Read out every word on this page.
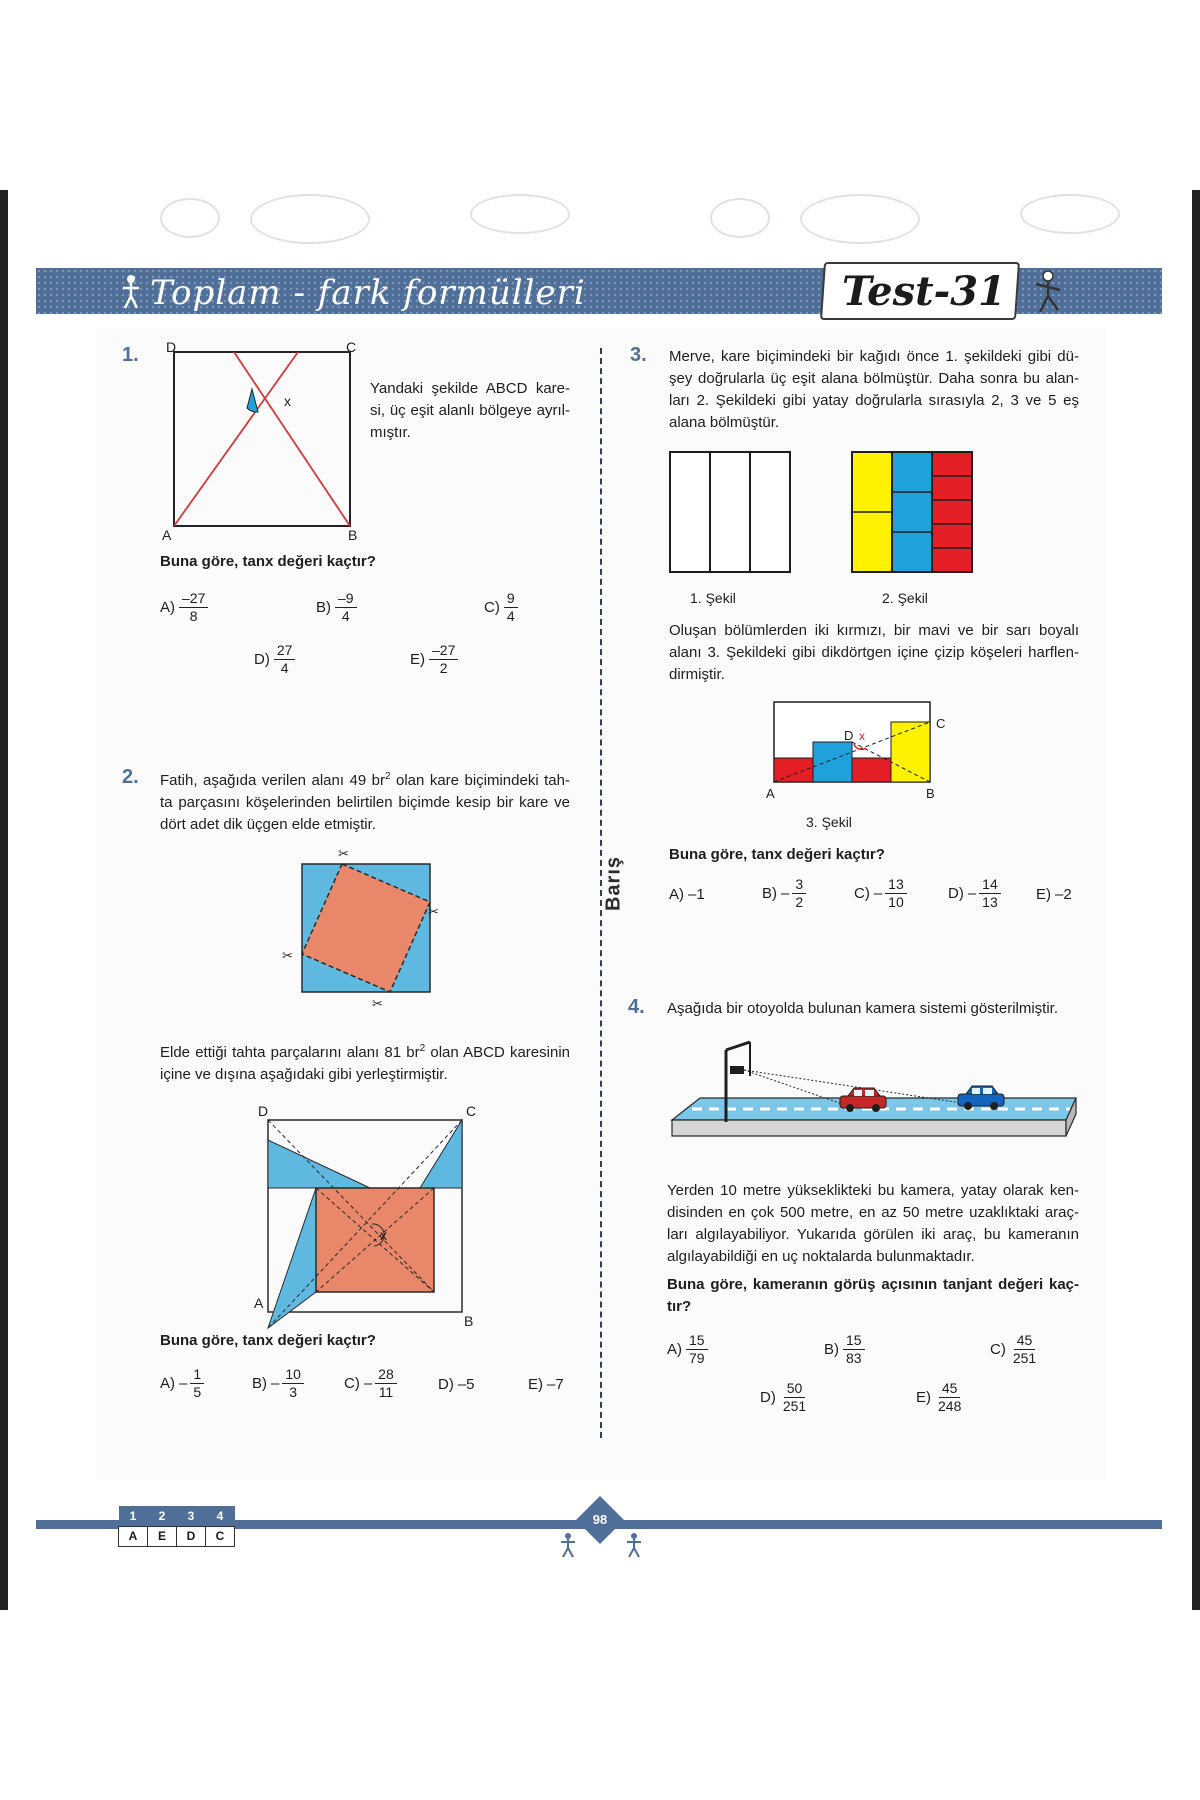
Toplam - fark formülleri	Test-31
Barış
1. D	C
A	B
x
Yandaki şekilde ABCD kare-si, üç eşit alanlı bölgeye ayrıl-mıştır.
Buna göre, tanx değeri kaçtır?
$A) \frac{-27}{8}$	$B) \frac{-9}{4}$	$C) \frac{9}{4}$
$D) \frac{27}{4}$	$E) \frac{-27}{2}$
2. Fatih, aşağıda verilen alanı 49 $br^2$ olan kare biçimindeki tah-ta parçasını köşelerinden belirtilen biçimde kesip bir kare ve dört adet dik üçgen elde etmiştir.
✂
✂
✂
✂
Elde ettiği tahta parçalarını alanı 81 $br^2$ olan ABCD karesinin içine ve dışına aşağıdaki gibi yerleştirmiştir.
D	C
A
B
x
Buna göre, tanx değeri kaçtır?
$A) - \frac{1}{5}$	$B) - \frac{10}{3}$	$C) - \frac{28}{11}$	D) –5	E) –7
3. Merve, kare biçimindeki bir kağıdı önce 1. şekildeki gibi dü-şey doğrularla üç eşit alana bölmüştür. Daha sonra bu alan-ları 2. Şekildeki gibi yatay doğrularla sırasıyla 2, 3 ve 5 eş alana bölmüştür.
1. Şekil	2. Şekil
Oluşan bölümlerden iki kırmızı, bir mavi ve bir sarı boyalı alanı 3. Şekildeki gibi dikdörtgen içine çizip köşeleri harflen-dirmiştir.
D x
C
A	B
3. Şekil
Buna göre, tanx değeri kaçtır?
A) –1	$B) - \frac{3}{2}$	$C) - \frac{13}{10}$	$D) - \frac{14}{13} E$) –2
4. Aşağıda bir otoyolda bulunan kamera sistemi gösterilmiştir.
Yerden 10 metre yükseklikteki bu kamera, yatay olarak ken-disinden en çok 500 metre, en az 50 metre uzaklıktaki araç-ları algılayabiliyor. Yukarıda görülen iki araç, bu kameranın algılayabildiği en uç noktalarda bulunmaktadır.
Buna göre, kameranın görüş açısının tanjant değeri kaç-tır?
$A) \frac{15}{79}$	$B) \frac{15}{83}$	$C) \frac{45}{251}$
$D) \frac{50}{251}$	$E) \frac{45}{248}$
1	2	3	4
A	E	D	C
98
